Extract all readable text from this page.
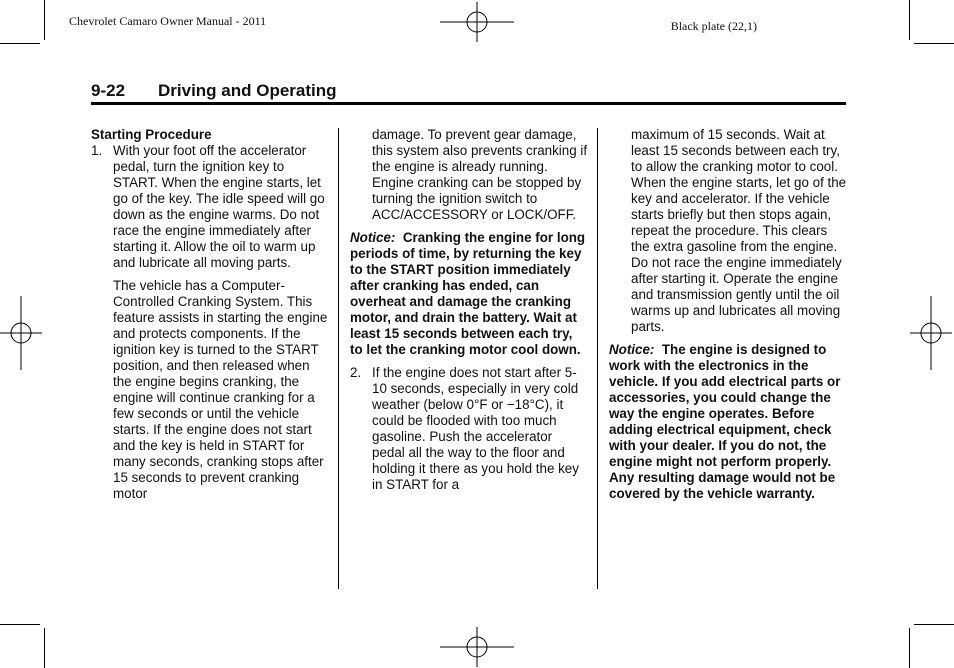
Chevrolet Camaro Owner Manual - 2011	Black plate (22,1)
9-22 Driving and Operating

Starting Procedure

1. With your foot off the accelerator pedal, turn the ignition key to START. When the engine starts, let go of the key. The idle speed will go down as the engine warms. Do not race the engine immediately after starting it. Allow the oil to warm up and lubricate all moving parts.

The vehicle has a Computer-Controlled Cranking System. This feature assists in starting the engine and protects components. If the ignition key is turned to the START position, and then released when the engine begins cranking, the engine will continue cranking for a few seconds or until the vehicle starts. If the engine does not start and the key is held in START for many seconds, cranking stops after 15 seconds to prevent cranking motor

damage. To prevent gear damage, this system also prevents cranking if the engine is already running. Engine cranking can be stopped by turning the ignition switch to ACC/ACCESSORY or LOCK/OFF.

Notice: Cranking the engine for long periods of time, by returning the key to the START position immediately after cranking has ended, can overheat and damage the cranking motor, and drain the battery. Wait at least 15 seconds between each try, to let the cranking motor cool down.

2. If the engine does not start after 5-10 seconds, especially in very cold weather (below 0°F or −18°C), it could be flooded with too much gasoline. Push the accelerator pedal all the way to the floor and holding it there as you hold the key in START for a

maximum of 15 seconds. Wait at least 15 seconds between each try, to allow the cranking motor to cool. When the engine starts, let go of the key and accelerator. If the vehicle starts briefly but then stops again, repeat the procedure. This clears the extra gasoline from the engine. Do not race the engine immediately after starting it. Operate the engine and transmission gently until the oil warms up and lubricates all moving parts.

Notice: The engine is designed to work with the electronics in the vehicle. If you add electrical parts or accessories, you could change the way the engine operates. Before adding electrical equipment, check with your dealer. If you do not, the engine might not perform properly. Any resulting damage would not be covered by the vehicle warranty.
